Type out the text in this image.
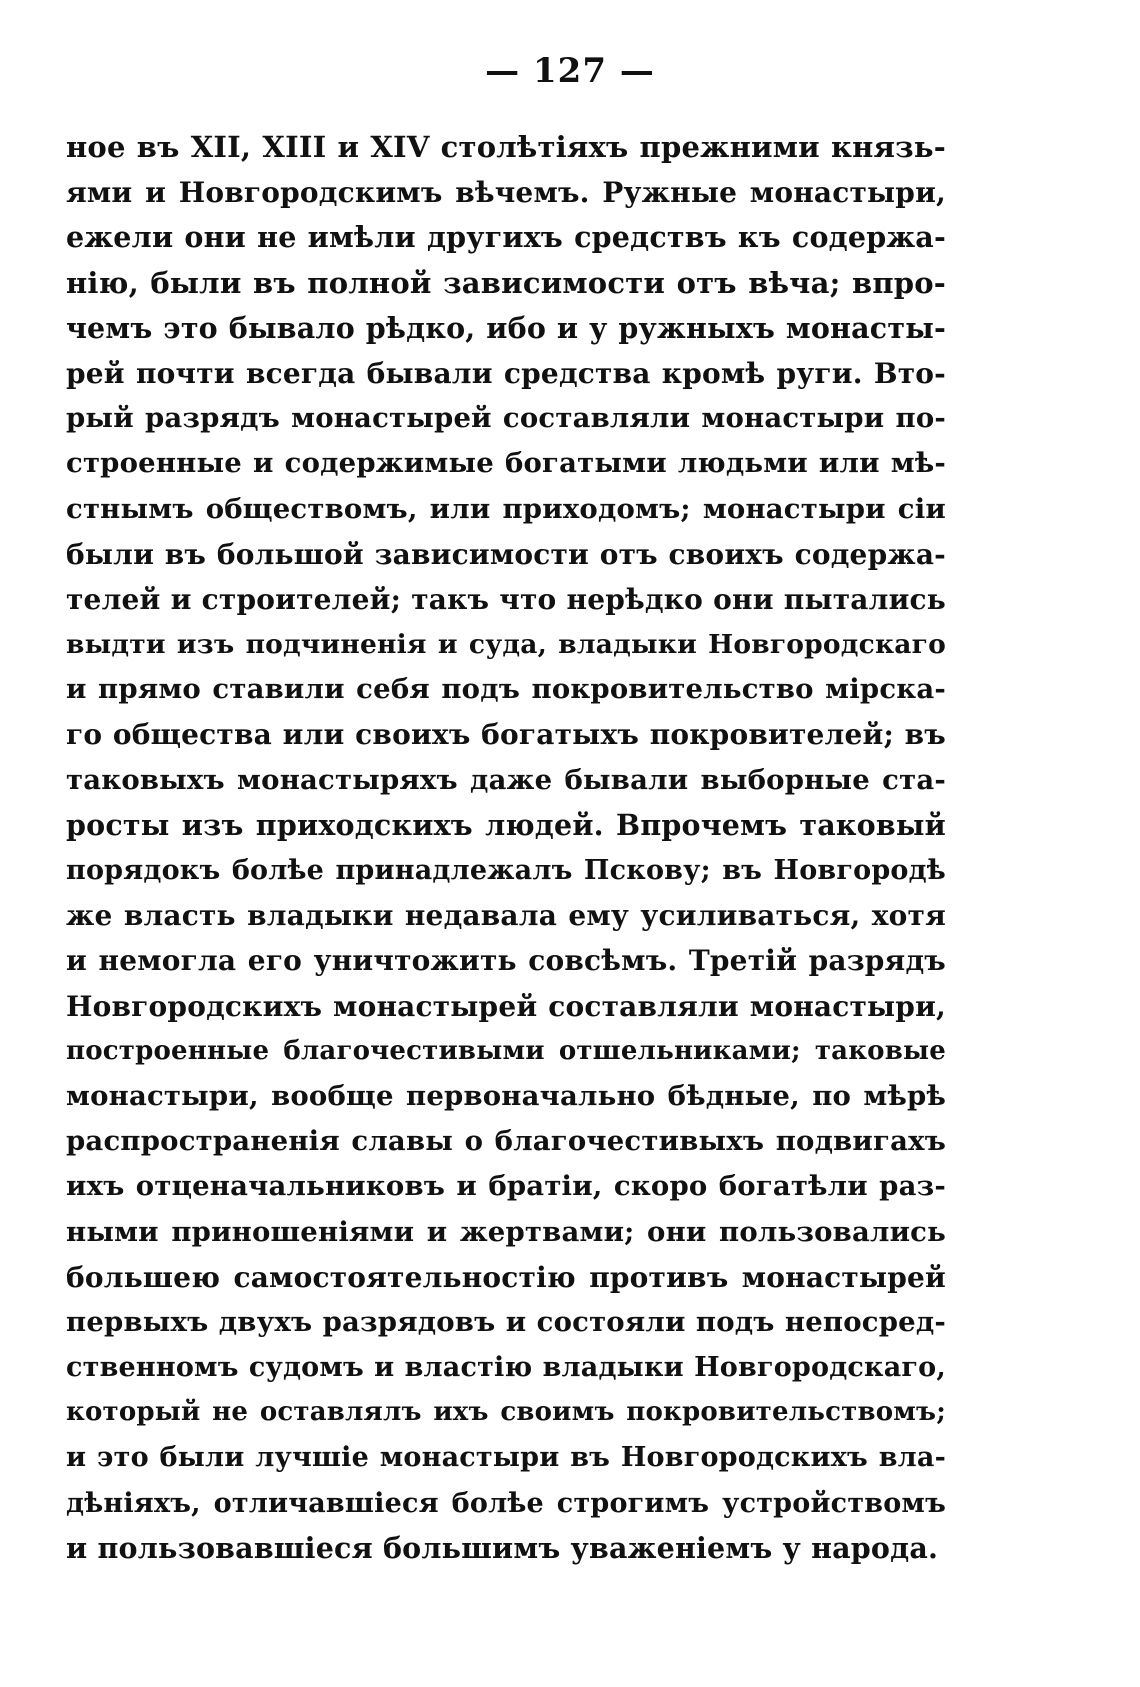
— 127 —
ное въ XII, XIII и XIV столѣтіяхъ прежними князь-
ями и Новгородскимъ вѣчемъ. Ружные монастыри,
ежели они не имѣли другихъ средствъ къ содержа-
нію, были въ полной зависимости отъ вѣча; впро-
чемъ это бывало рѣдко, ибо и у ружныхъ монасты-
рей почти всегда бывали средства кромѣ руги. Вто-
рый разрядъ монастырей составляли монастыри по-
строенные и содержимые богатыми людьми или мѣ-
стнымъ обществомъ, или приходомъ; монастыри сіи
были въ большой зависимости отъ своихъ содержа-
телей и строителей; такъ что нерѣдко они пытались
выдти изъ подчиненія и суда, владыки Новгородскаго
и прямо ставили себя подъ покровительство мірска-
го общества или своихъ богатыхъ покровителей; въ
таковыхъ монастыряхъ даже бывали выборные ста-
росты изъ приходскихъ людей. Впрочемъ таковый
порядокъ болѣе принадлежалъ Пскову; въ Новгородѣ
же власть владыки недавала ему усиливаться, хотя
и немогла его уничтожить совсѣмъ. Третій разрядъ
Новгородскихъ монастырей составляли монастыри,
построенные благочестивыми отшельниками; таковые
монастыри, вообще первоначально бѣдные, по мѣрѣ
распространенія славы о благочестивыхъ подвигахъ
ихъ отценачальниковъ и братіи, скоро богатѣли раз-
ными приношеніями и жертвами; они пользовались
большею самостоятельностію противъ монастырей
первыхъ двухъ разрядовъ и состояли подъ непосред-
ственномъ судомъ и властію владыки Новгородскаго,
который не оставлялъ ихъ своимъ покровительствомъ;
и это были лучшіе монастыри въ Новгородскихъ вла-
дѣніяхъ, отличавшіеся болѣе строгимъ устройствомъ
и пользовавшіеся большимъ уваженіемъ у народа.
